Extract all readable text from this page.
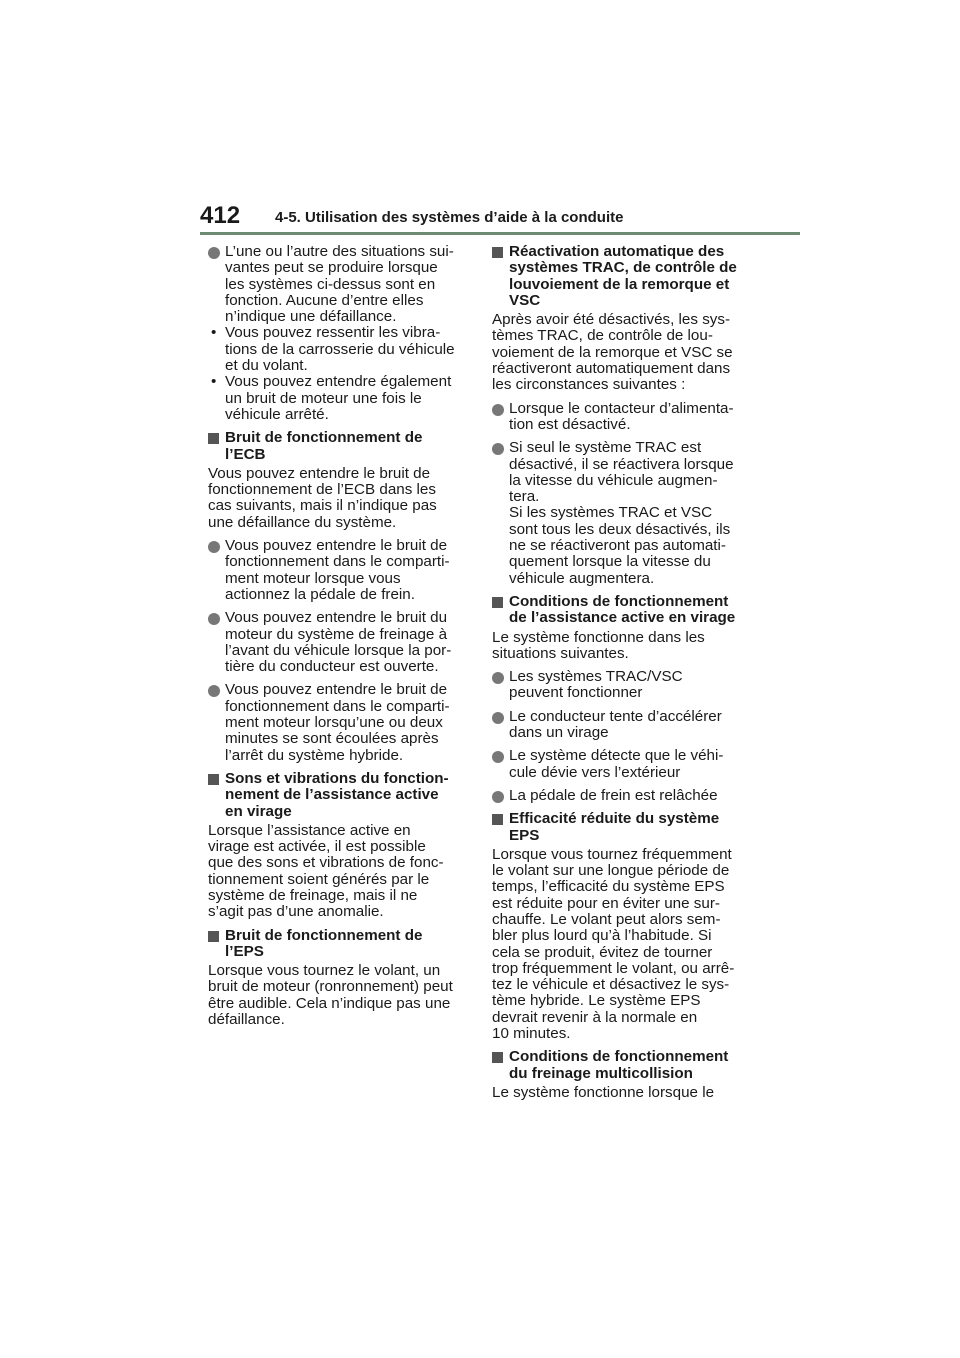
412 4-5. Utilisation des systèmes d’aide à la conduite
L’une ou l’autre des situations sui-
vantes peut se produire lorsque
les systèmes ci-dessus sont en
fonction. Aucune d’entre elles
n’indique une défaillance.
• Vous pouvez ressentir les vibra-
tions de la carrosserie du véhicule
et du volant.
• Vous pouvez entendre également
un bruit de moteur une fois le
véhicule arrêté.
Bruit de fonctionnement de
l’ECB
Vous pouvez entendre le bruit de
fonctionnement de l’ECB dans les
cas suivants, mais il n’indique pas
une défaillance du système.
Vous pouvez entendre le bruit de
fonctionnement dans le comparti-
ment moteur lorsque vous
actionnez la pédale de frein.
Vous pouvez entendre le bruit du
moteur du système de freinage à
l’avant du véhicule lorsque la por-
tière du conducteur est ouverte.
Vous pouvez entendre le bruit de
fonctionnement dans le comparti-
ment moteur lorsqu’une ou deux
minutes se sont écoulées après
l’arrêt du système hybride.
Sons et vibrations du fonction-
nement de l’assistance active
en virage
Lorsque l’assistance active en
virage est activée, il est possible
que des sons et vibrations de fonc-
tionnement soient générés par le
système de freinage, mais il ne
s’agit pas d’une anomalie.
Bruit de fonctionnement de
l’EPS
Lorsque vous tournez le volant, un
bruit de moteur (ronronnement) peut
être audible. Cela n’indique pas une
défaillance.
Réactivation automatique des
systèmes TRAC, de contrôle de
louvoiement de la remorque et
VSC
Après avoir été désactivés, les sys-
tèmes TRAC, de contrôle de lou-
voiement de la remorque et VSC se
réactiveront automatiquement dans
les circonstances suivantes :
Lorsque le contacteur d’alimenta-
tion est désactivé.
Si seul le système TRAC est
désactivé, il se réactivera lorsque
la vitesse du véhicule augmen-
tera.
Si les systèmes TRAC et VSC
sont tous les deux désactivés, ils
ne se réactiveront pas automati-
quement lorsque la vitesse du
véhicule augmentera.
Conditions de fonctionnement
de l’assistance active en virage
Le système fonctionne dans les
situations suivantes.
Les systèmes TRAC/VSC
peuvent fonctionner
Le conducteur tente d’accélérer
dans un virage
Le système détecte que le véhi-
cule dévie vers l’extérieur
La pédale de frein est relâchée
Efficacité réduite du système
EPS
Lorsque vous tournez fréquemment
le volant sur une longue période de
temps, l’efficacité du système EPS
est réduite pour en éviter une sur-
chauffe. Le volant peut alors sem-
bler plus lourd qu’à l’habitude. Si
cela se produit, évitez de tourner
trop fréquemment le volant, ou arrê-
tez le véhicule et désactivez le sys-
tème hybride. Le système EPS
devrait revenir à la normale en
10 minutes.
Conditions de fonctionnement
du freinage multicollision
Le système fonctionne lorsque le
